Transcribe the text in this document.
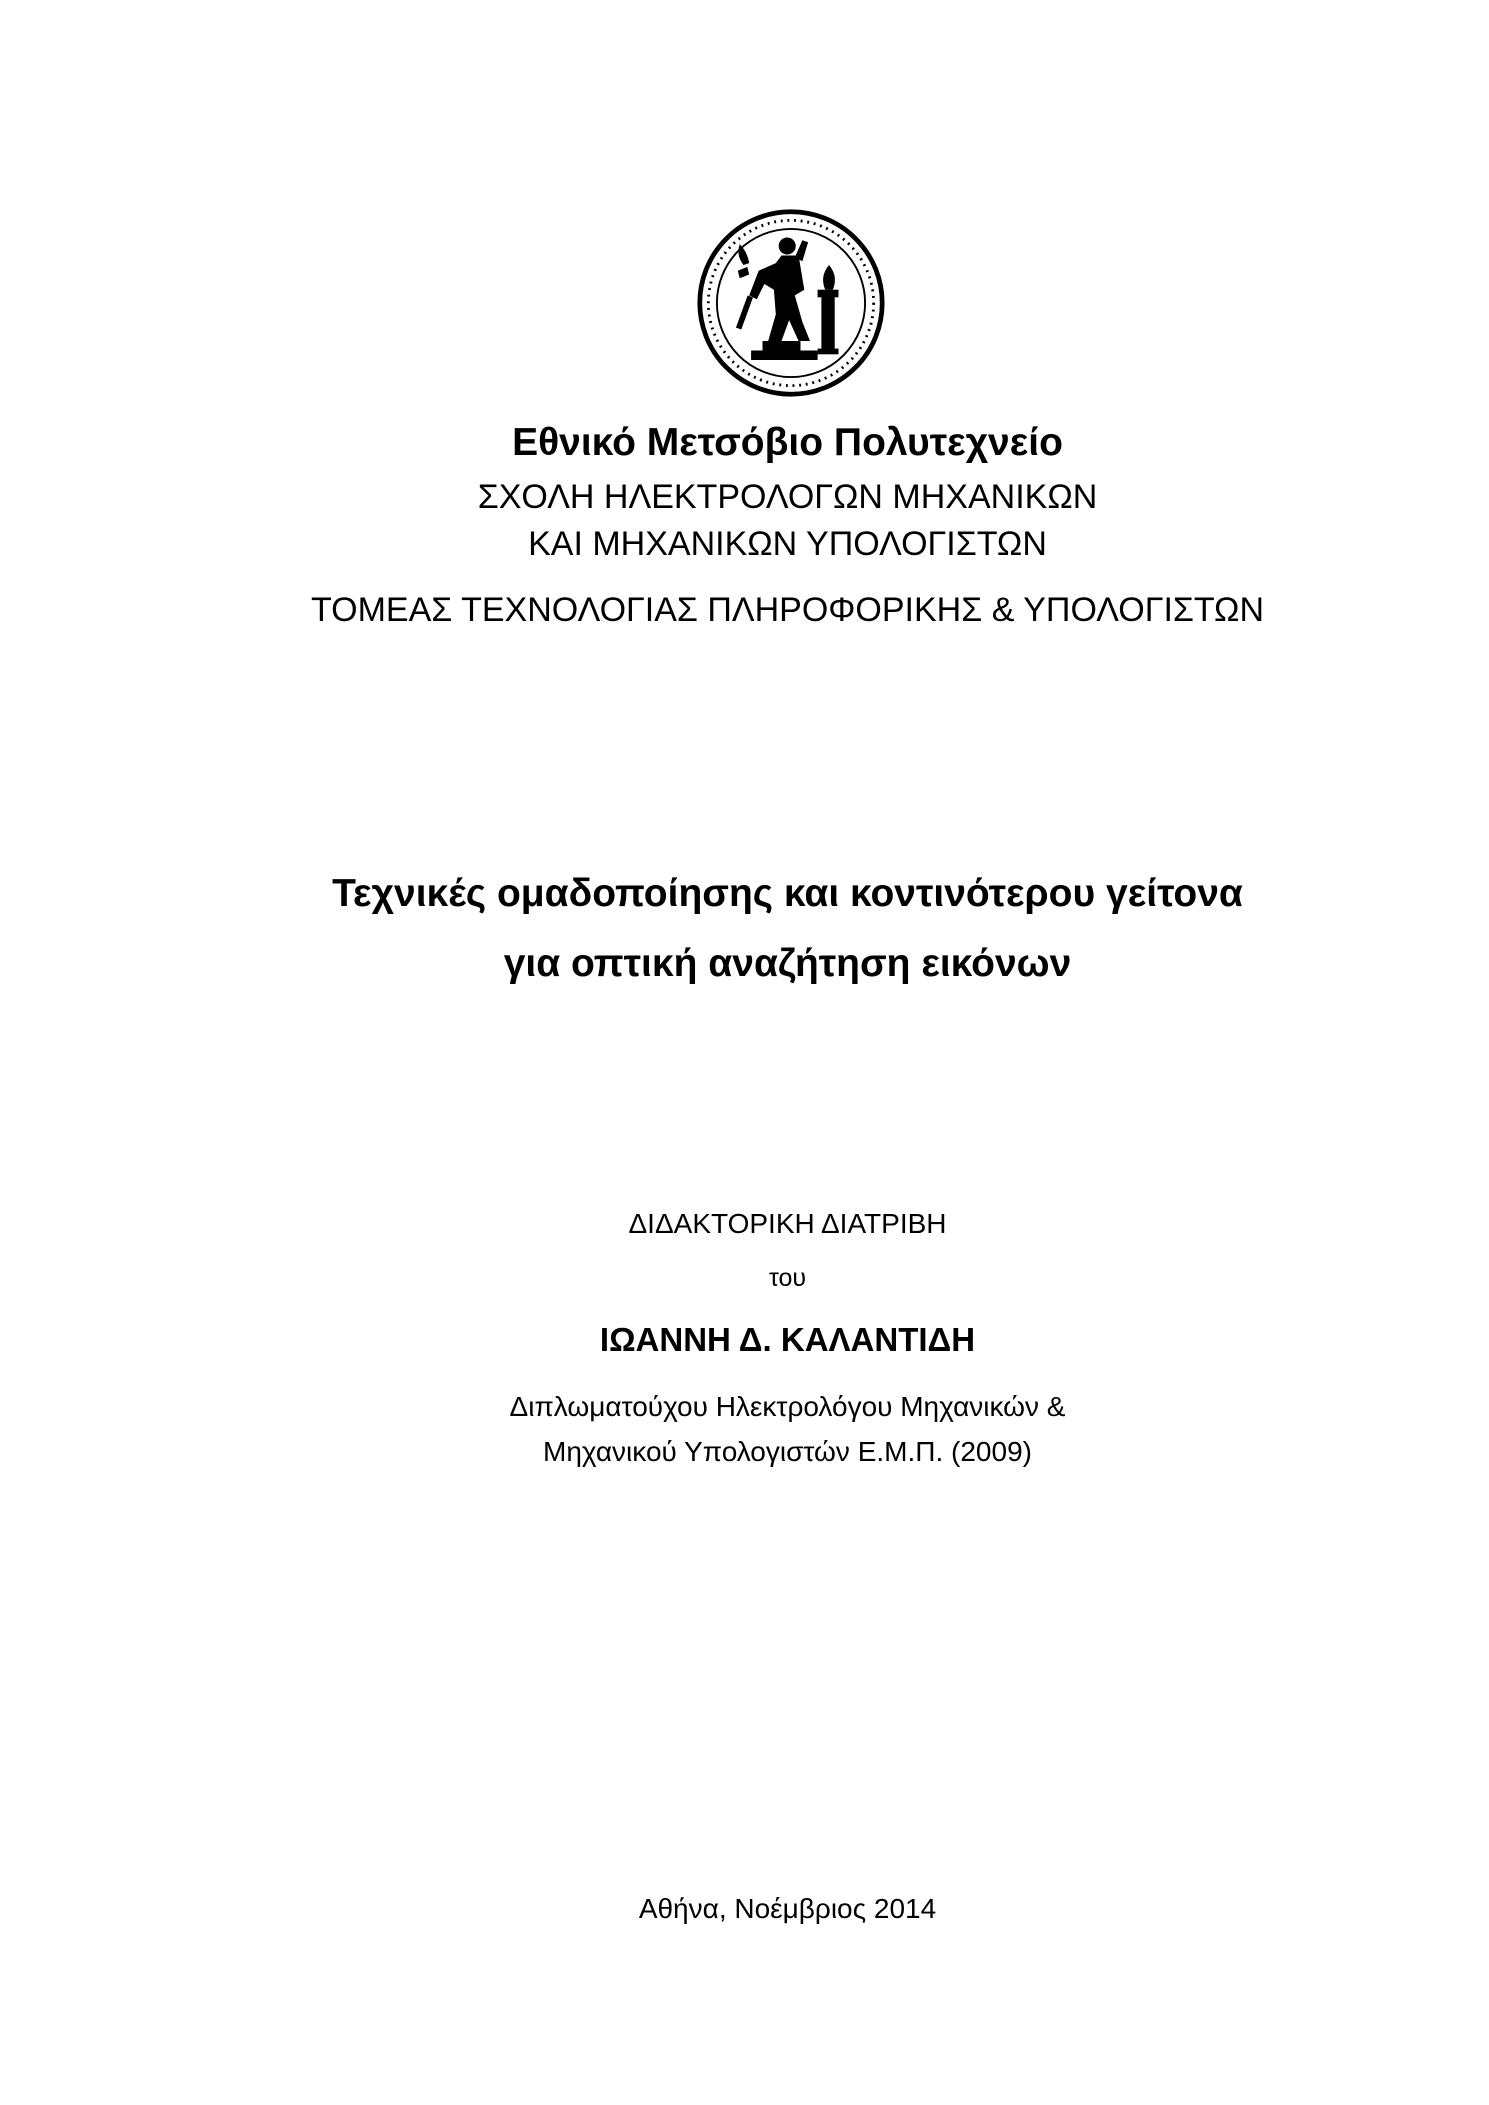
Εθνικό Μετσόβιο Πολυτεχνείο
ΣΧΟΛΗ ΗΛΕΚΤΡΟΛΟΓΩΝ ΜΗΧΑΝΙΚΩΝ
ΚΑΙ ΜΗΧΑΝΙΚΩΝ ΥΠΟΛΟΓΙΣΤΩΝ
ΤΟΜΕΑΣ ΤΕΧΝΟΛΟΓΙΑΣ ΠΛΗΡΟΦΟΡΙΚΗΣ & ΥΠΟΛΟΓΙΣΤΩΝ
Τεχνικές ομαδοποίησης και κοντινότερου γείτονα
για οπτική αναζήτηση εικόνων
ΔΙΔΑΚΤΟΡΙΚΗ ΔΙΑΤΡΙΒΗ
του
ΙΩΑΝΝΗ Δ. ΚΑΛΑΝΤΙΔΗ
Διπλωματούχου Ηλεκτρολόγου Μηχανικών &
Μηχανικού Υπολογιστών Ε.Μ.Π. (2009)
Αθήνα, Νοέμβριος 2014
